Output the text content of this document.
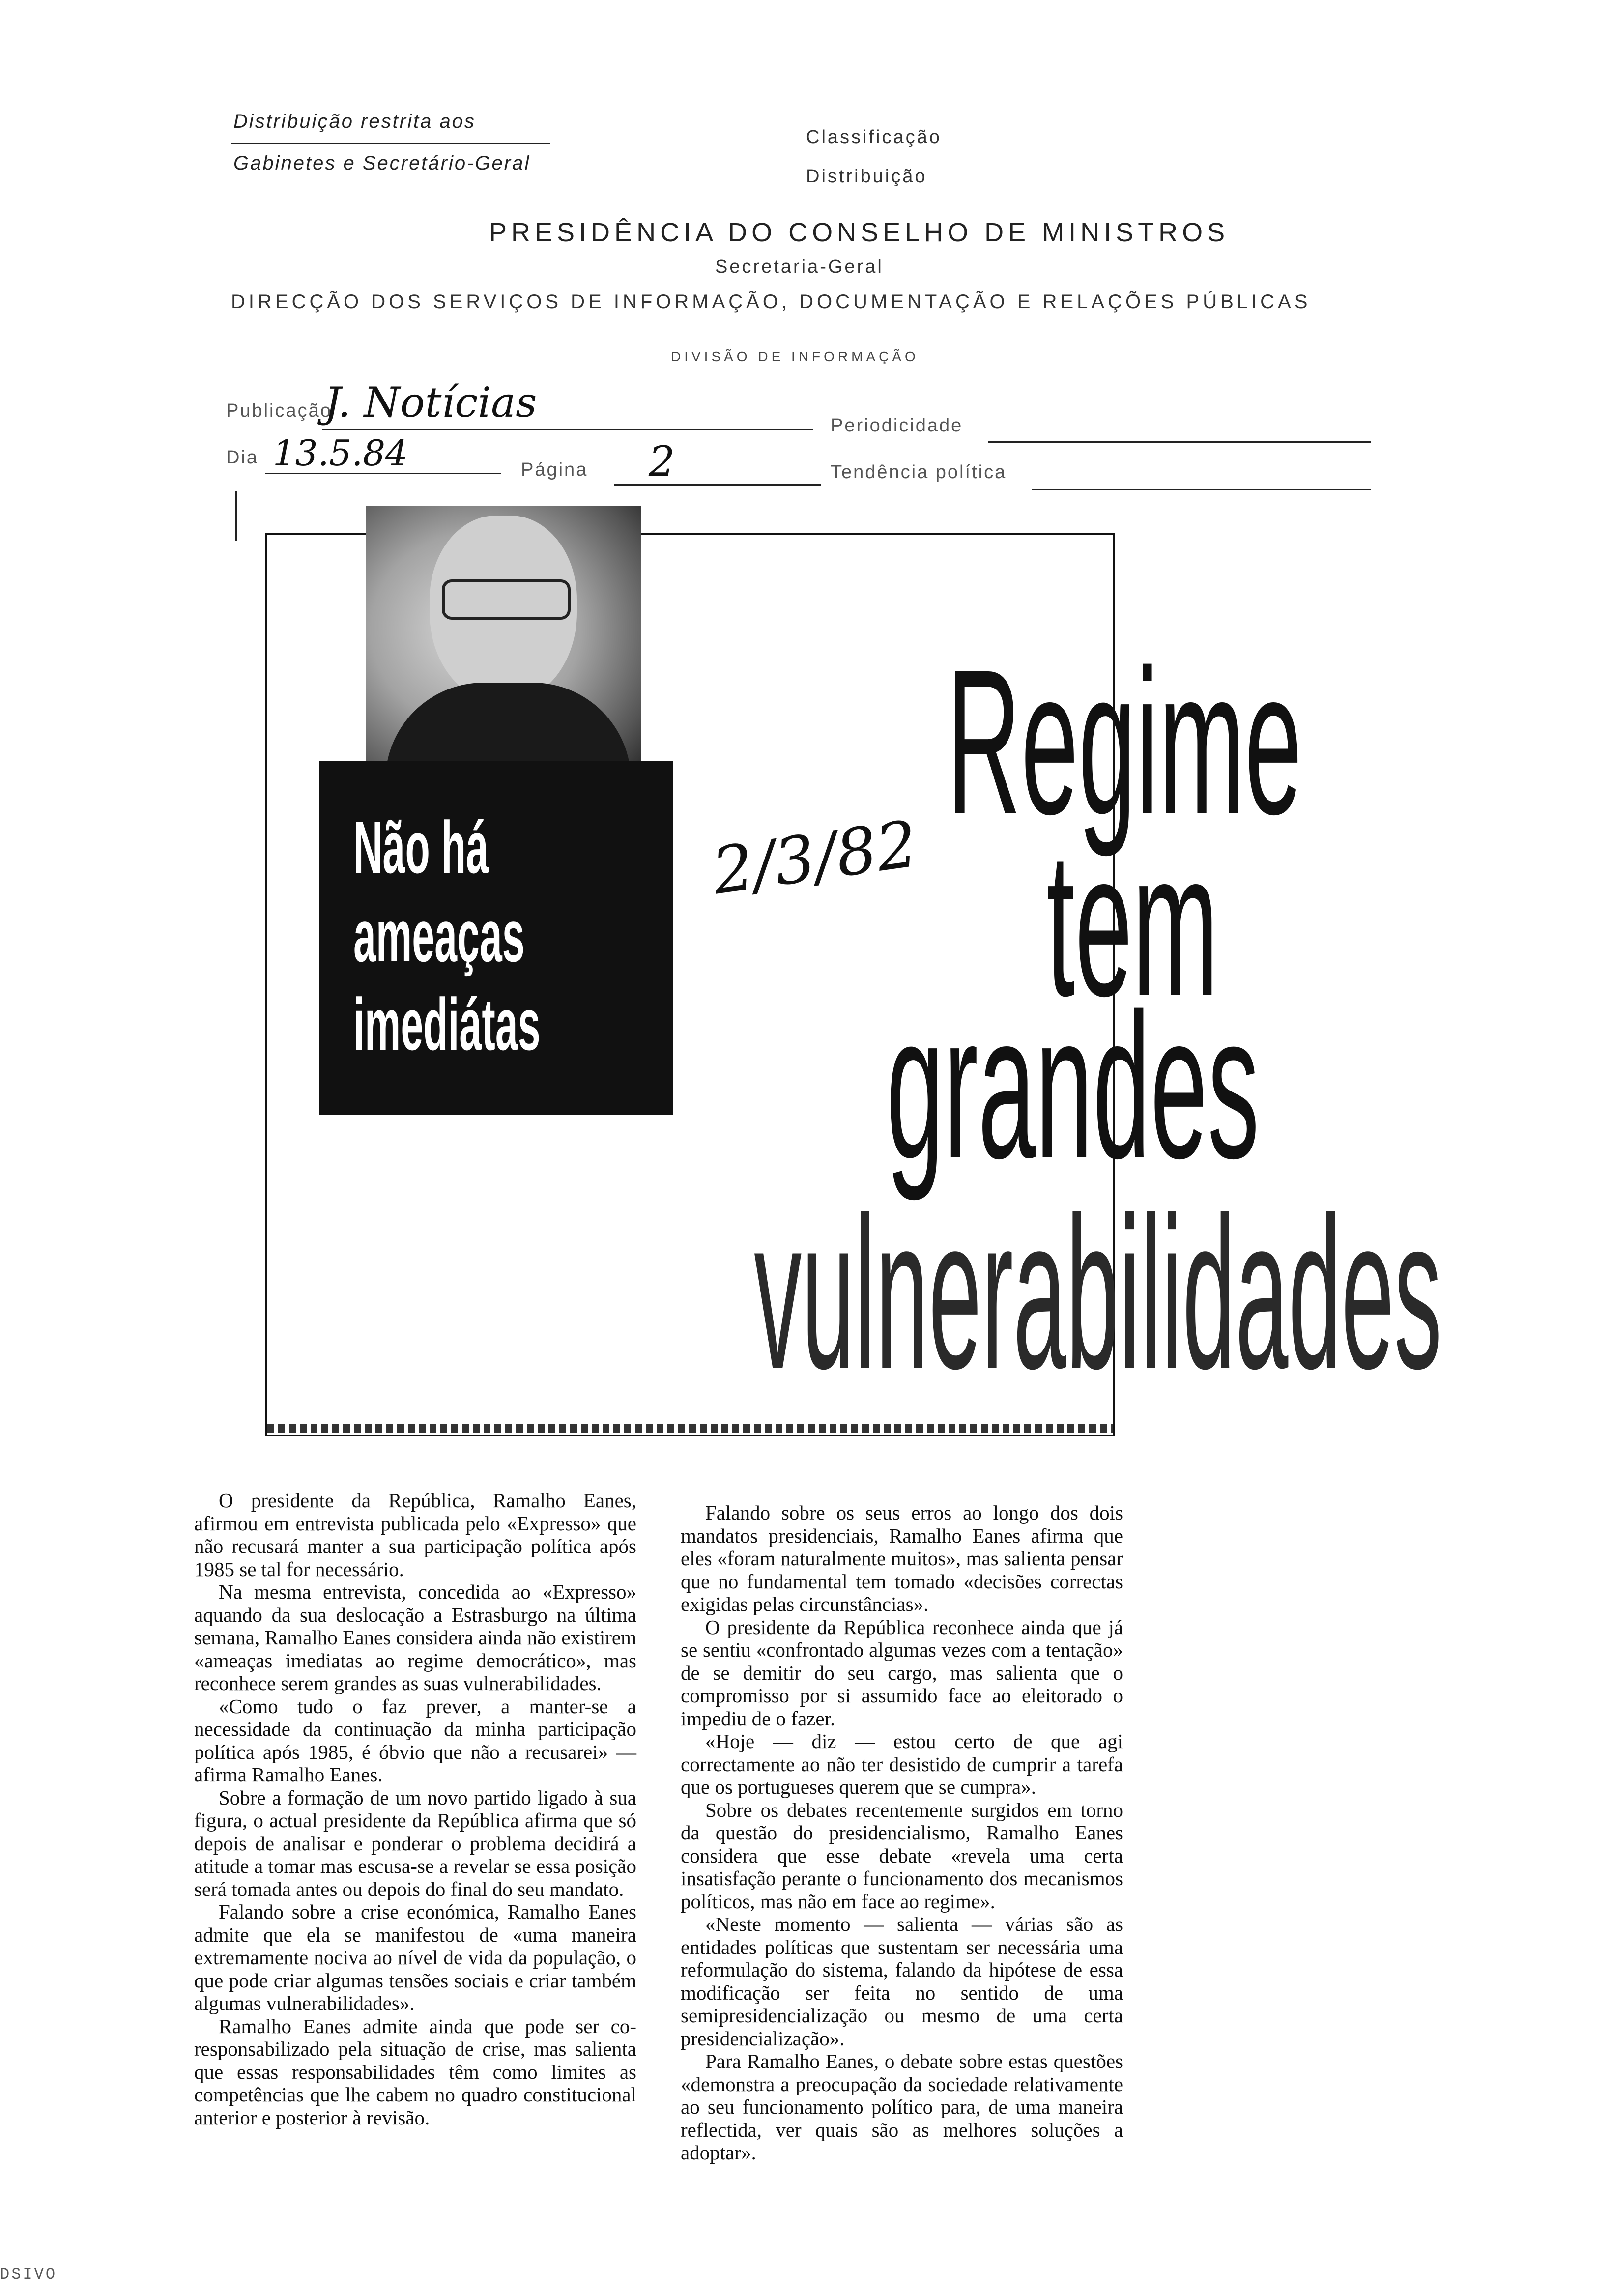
Distribuição restrita aos
Gabinetes e Secretário-Geral
Classificação
Distribuição
PRESIDÊNCIA DO CONSELHO DE MINISTROS
Secretaria-Geral
DIRECÇÃO DOS SERVIÇOS DE INFORMAÇÃO, DOCUMENTAÇÃO E RELAÇÕES PÚBLICAS
DIVISÃO DE INFORMAÇÃO
Publicação
J. Notícias	Periodicidade
Dia 13.5.84	Página 2	Tendência política
Regime
tem
grandes
vulnerabilidades
Não há
ameaças
imediátas
2/3/82

O presidente da República, Ramalho Eanes, afirmou em entrevista publicada pelo «Expresso» que não recusará manter a sua participação política após 1985 se tal for necessário.

Na mesma entrevista, concedida ao «Expresso» aquando da sua deslocação a Estrasburgo na última semana, Ramalho Eanes considera ainda não existirem «ameaças imediatas ao regime democrático», mas reconhece serem grandes as suas vulnerabilidades.

«Como tudo o faz prever, a manter-se a necessidade da continuação da minha participação política após 1985, é óbvio que não a recusarei» — afirma Ramalho Eanes.

Sobre a formação de um novo partido ligado à sua figura, o actual presidente da República afirma que só depois de analisar e ponderar o problema decidirá a atitude a tomar mas escusa-se a revelar se essa posição será tomada antes ou depois do final do seu mandato.

Falando sobre a crise económica, Ramalho Eanes admite que ela se manifestou de «uma maneira extremamente nociva ao nível de vida da população, o que pode criar algumas tensões sociais e criar também algumas vulnerabilidades».

Ramalho Eanes admite ainda que pode ser co-responsabilizado pela situação de crise, mas salienta que essas responsabilidades têm como limites as competências que lhe cabem no quadro constitucional anterior e posterior à revisão.

Falando sobre os seus erros ao longo dos dois mandatos presidenciais, Ramalho Eanes afirma que eles «foram naturalmente muitos», mas salienta pensar que no fundamental tem tomado «decisões correctas exigidas pelas circunstâncias».

O presidente da República reconhece ainda que já se sentiu «confrontado algumas vezes com a tentação» de se demitir do seu cargo, mas salienta que o compromisso por si assumido face ao eleitorado o impediu de o fazer.

«Hoje — diz — estou certo de que agi correctamente ao não ter desistido de cumprir a tarefa que os portugueses querem que se cumpra».

Sobre os debates recentemente surgidos em torno da questão do presidencialismo, Ramalho Eanes considera que esse debate «revela uma certa insatisfação perante o funcionamento dos mecanismos políticos, mas não em face ao regime».

«Neste momento — salienta — várias são as entidades políticas que sustentam ser necessária uma reformulação do sistema, falando da hipótese de essa modificação ser feita no sentido de uma semipresidencialização ou mesmo de uma certa presidencialização».

Para Ramalho Eanes, o debate sobre estas questões «demonstra a preocupação da sociedade relativamente ao seu funcionamento político para, de uma maneira reflectida, ver quais são as melhores soluções a adoptar».

DSIVO
